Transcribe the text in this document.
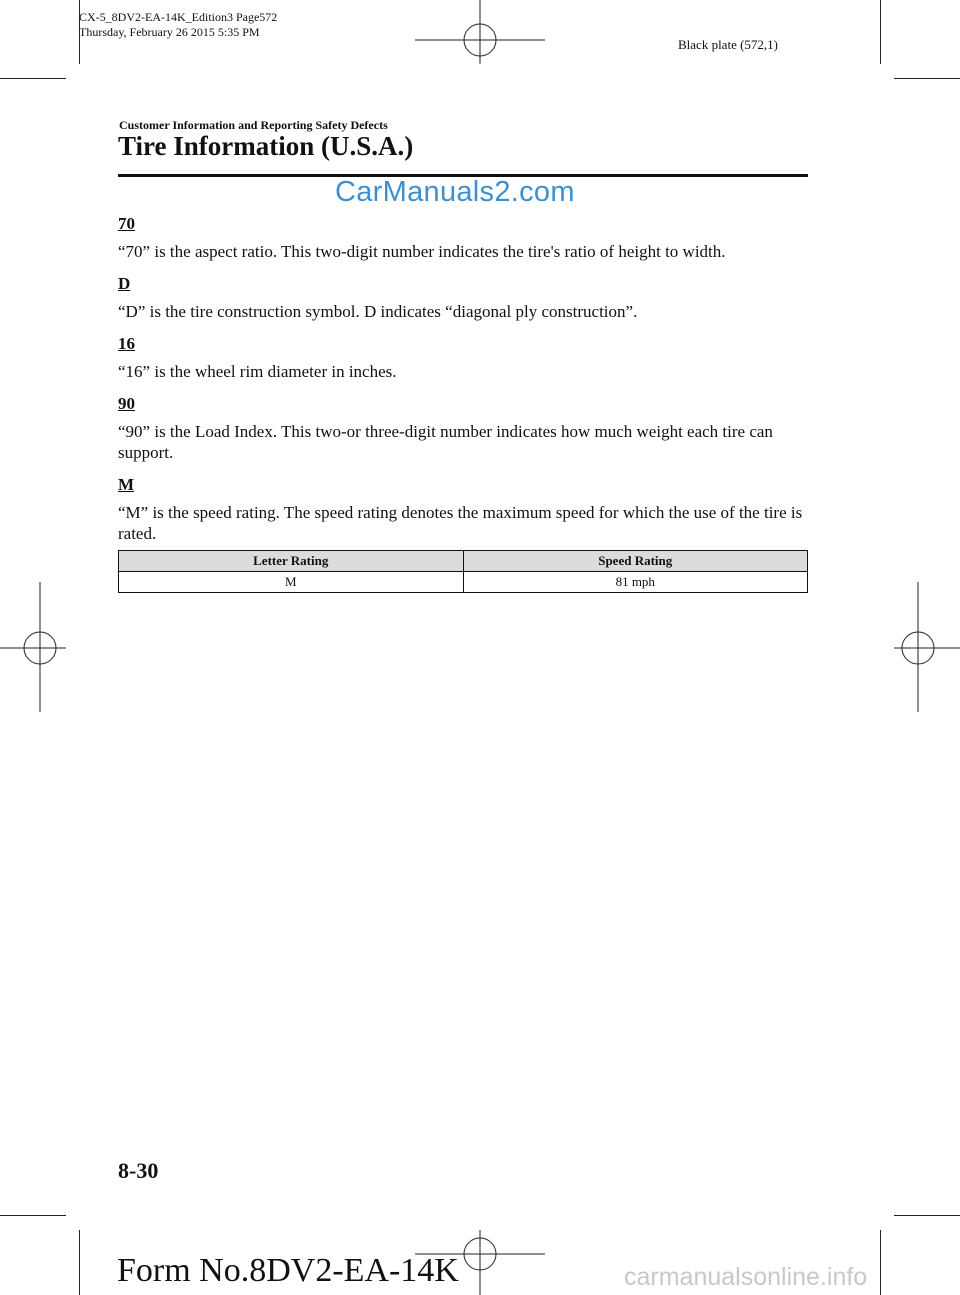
CX-5_8DV2-EA-14K_Edition3 Page572
Thursday, February 26 2015 5:35 PM
Black plate (572,1)
Customer Information and Reporting Safety Defects
Tire Information (U.S.A.)
CarManuals2.com
70

“70” is the aspect ratio. This two-digit number indicates the tire's ratio of height to width.

D

“D” is the tire construction symbol. D indicates “diagonal ply construction”.

16

“16” is the wheel rim diameter in inches.

90

“90” is the Load Index. This two-or three-digit number indicates how much weight each tire can support.

M

“M” is the speed rating. The speed rating denotes the maximum speed for which the use of the tire is rated.

Letter Rating	Speed Rating
M	81 mph
8-30
Form No.8DV2-EA-14K	carmanualsonline.info
